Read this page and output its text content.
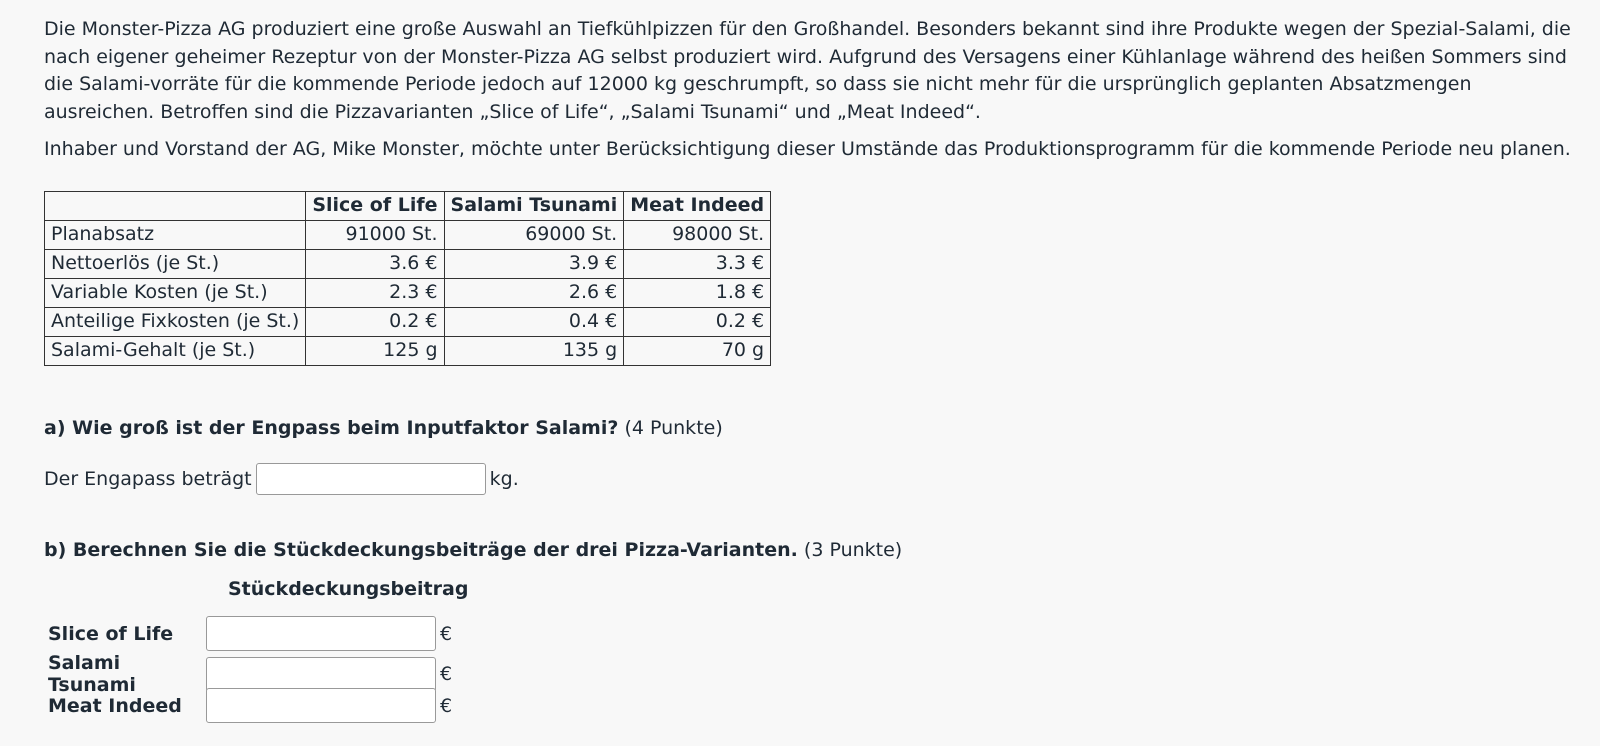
Die Monster-Pizza AG produziert eine große Auswahl an Tiefkühlpizzen für den Großhandel. Besonders bekannt sind ihre Produkte wegen der Spezial-Salami, die nach eigener geheimer Rezeptur von der Monster-Pizza AG selbst produziert wird. Aufgrund des Versagens einer Kühlanlage während des heißen Sommers sind die Salami-vorräte für die kommende Periode jedoch auf 12000 kg geschrumpft, so dass sie nicht mehr für die ursprünglich geplanten Absatzmengen ausreichen. Betroffen sind die Pizzavarianten „Slice of Life“, „Salami Tsunami“ und „Meat Indeed“.

Inhaber und Vorstand der AG, Mike Monster, möchte unter Berücksichtigung dieser Umstände das Produktionsprogramm für die kommende Periode neu planen.

	Slice of Life	Salami Tsunami	Meat Indeed
Planabsatz	91000 St.	69000 St.	98000 St.
Nettoerlös (je St.)	3.6 €	3.9 €	3.3 €
Variable Kosten (je St.)	2.3 €	2.6 €	1.8 €
Anteilige Fixkosten (je St.)	0.2 €	0.4 €	0.2 €
Salami-Gehalt (je St.)	125 g	135 g	70 g
a) Wie groß ist der Engpass beim Inputfaktor Salami? (4 Punkte)
Der Engapass beträgt	kg.
b) Berechnen Sie die Stückdeckungsbeiträge der drei Pizza-Varianten. (3 Punkte)
Stückdeckungsbeitrag
Slice of Life	€
Salami Tsunami	€
Meat Indeed	€
